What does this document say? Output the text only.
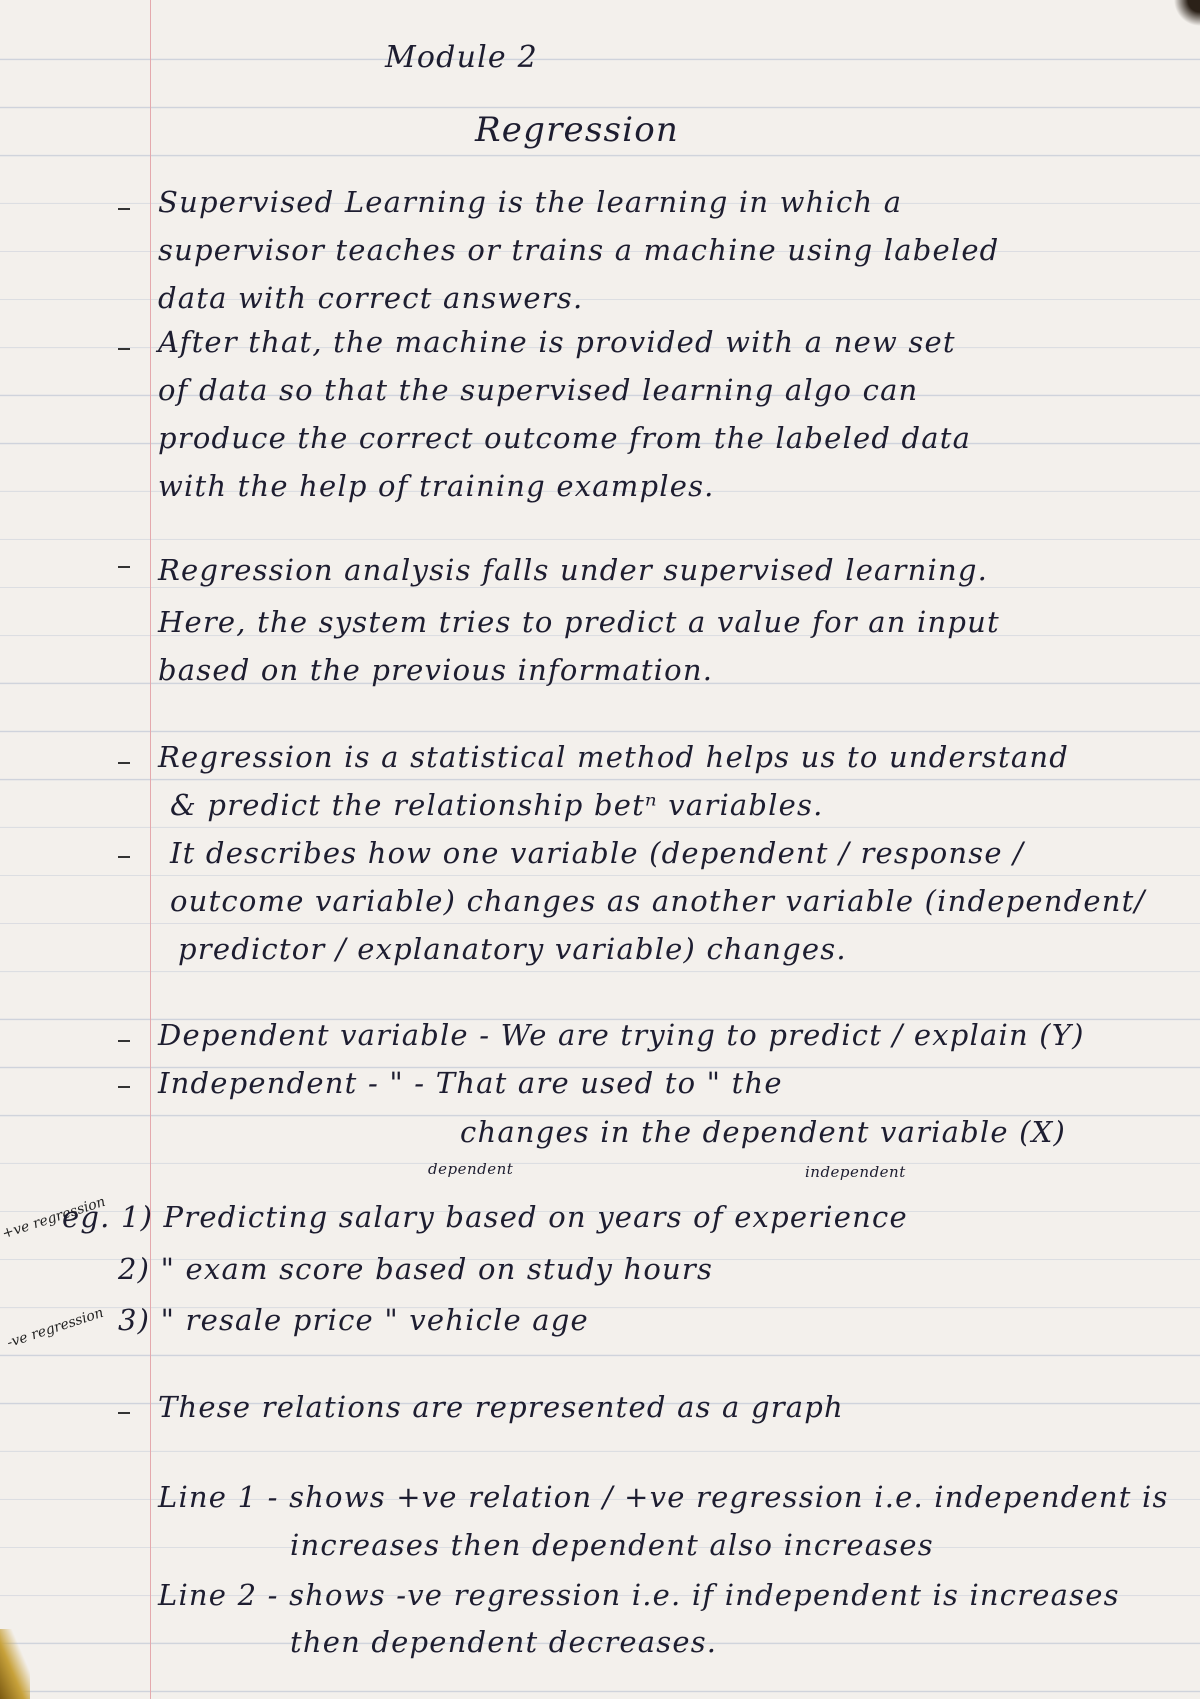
Module 2
Regression
Supervised Learning is the learning in which a
supervisor teaches or trains a machine using labeled
data with correct answers.
After that, the machine is provided with a new set
of data so that the supervised learning algo can
produce the correct outcome from the labeled data
with the help of training examples.
Regression analysis falls under supervised learning.
Here, the system tries to predict a value for an input
based on the previous information.
Regression is a statistical method helps us to understand
& predict the relationship betⁿ variables.
It describes how one variable (dependent / response /
outcome variable) changes as another variable (independent/
predictor / explanatory variable) changes.
Dependent variable - We are trying to predict / explain (Y)
Independent - " - That are used to " the
changes in the dependent variable (X)
dependent	independent
+ve regression
-ve regression
eg. 1) Predicting salary based on years of experience
2) " exam score based on study hours
3) " resale price " vehicle age
These relations are represented as a graph
Line 1 - shows +ve relation / +ve regression i.e. independent is
increases then dependent also increases
Line 2 - shows -ve regression i.e. if independent is increases
then dependent decreases.
